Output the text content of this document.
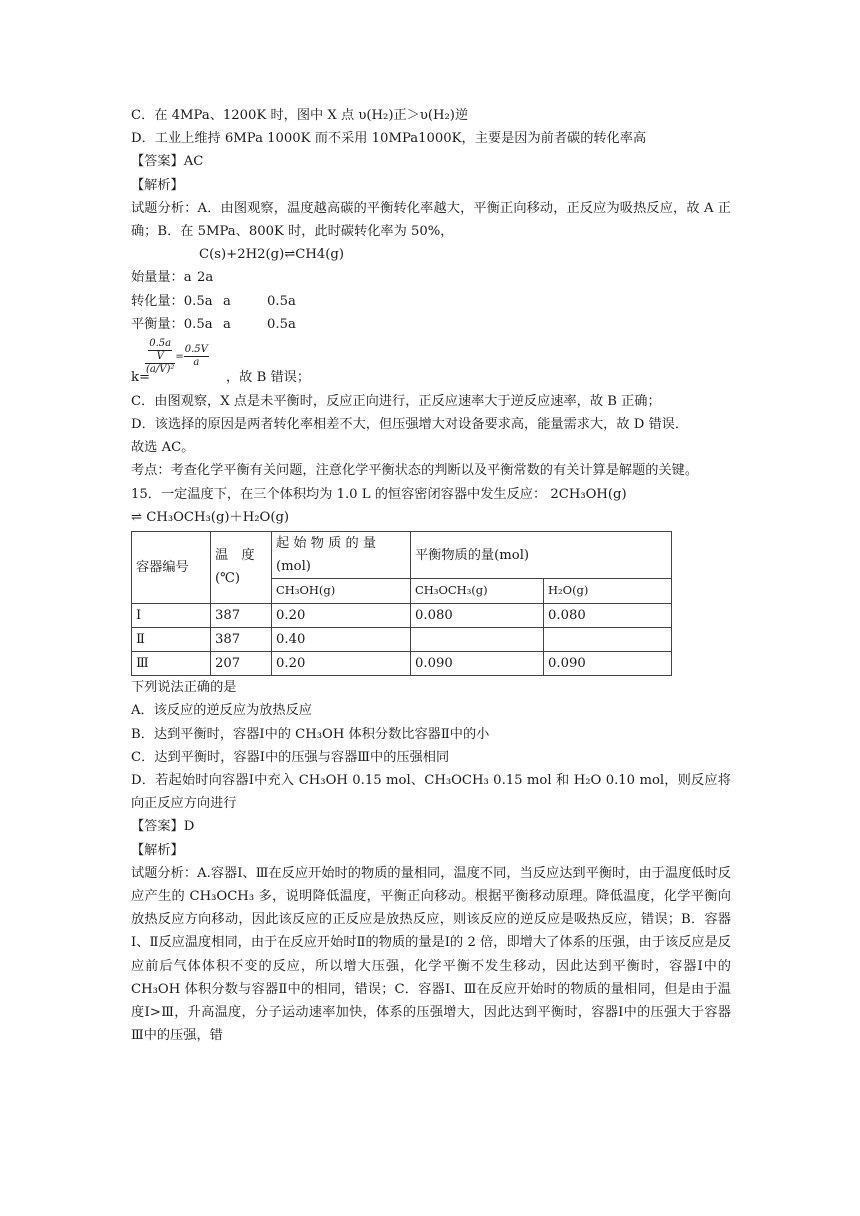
C．在 4MPa、1200K 时，图中 X 点 υ(H₂)正＞υ(H₂)逆
D．工业上维持 6MPa 1000K 而不采用 10MPa1000K，主要是因为前者碳的转化率高
【答案】AC
【解析】
试题分析：A．由图观察，温度越高碳的平衡转化率越大，平衡正向移动，正反应为吸热反应，故 A 正确；B．在 5MPa、800K 时，此时碳转化率为 50%，
C(s)+2H2(g)⇌CH4(g)
始量量：a 2a
转化量：0.5a a	0.5a
平衡量：0.5a a	0.5a
k=
$\frac{\frac{0.5a}{V}}{\text{(a/V)²}} = \frac{0.5V}{a}$
，故 B 错误；
C．由图观察，X 点是未平衡时，反应正向进行，正反应速率大于逆反应速率，故 B 正确；
D．该选择的原因是两者转化率相差不大，但压强增大对设备要求高，能量需求大，故 D 错误．
故选 AC。
考点：考查化学平衡有关问题，注意化学平衡状态的判断以及平衡常数的有关计算是解题的关键。
15．一定温度下，在三个体积均为 1.0 L 的恒容密闭容器中发生反应： 2CH₃OH(g)
⇌ CH₃OCH₃(g)＋H₂O(g)
容器编号	温　度(℃)	起 始 物 质 的 量(mol)	平衡物质的量(mol)	
		CH₃OH(g)	CH₃OCH₃(g)	H₂O(g)
Ⅰ	387	0.20	0.080	0.080
Ⅱ	387	0.40		
Ⅲ	207	0.20	0.090	0.090
下列说法正确的是
A．该反应的逆反应为放热反应
B．达到平衡时，容器Ⅰ中的 CH₃OH 体积分数比容器Ⅱ中的小
C．达到平衡时，容器Ⅰ中的压强与容器Ⅲ中的压强相同
D．若起始时向容器Ⅰ中充入 CH₃OH 0.15 mol、CH₃OCH₃ 0.15 mol 和 H₂O 0.10 mol，则反应将向正反应方向进行
【答案】D
【解析】
试题分析：A.容器Ⅰ、Ⅲ在反应开始时的物质的量相同，温度不同，当反应达到平衡时，由于温度低时反应产生的 CH₃OCH₃ 多，说明降低温度，平衡正向移动。根据平衡移动原理。降低温度，化学平衡向放热反应方向移动，因此该反应的正反应是放热反应，则该反应的逆反应是吸热反应，错误；B．容器Ⅰ、Ⅱ反应温度相同，由于在反应开始时Ⅱ的物质的量是Ⅰ的 2 倍，即增大了体系的压强，由于该反应是反应前后气体体积不变的反应，所以增大压强，化学平衡不发生移动，因此达到平衡时，容器Ⅰ中的 CH₃OH 体积分数与容器Ⅱ中的相同，错误；C．容器Ⅰ、Ⅲ在反应开始时的物质的量相同，但是由于温度Ⅰ>Ⅲ，升高温度，分子运动速率加快，体系的压强增大，因此达到平衡时，容器Ⅰ中的压强大于容器Ⅲ中的压强，错
